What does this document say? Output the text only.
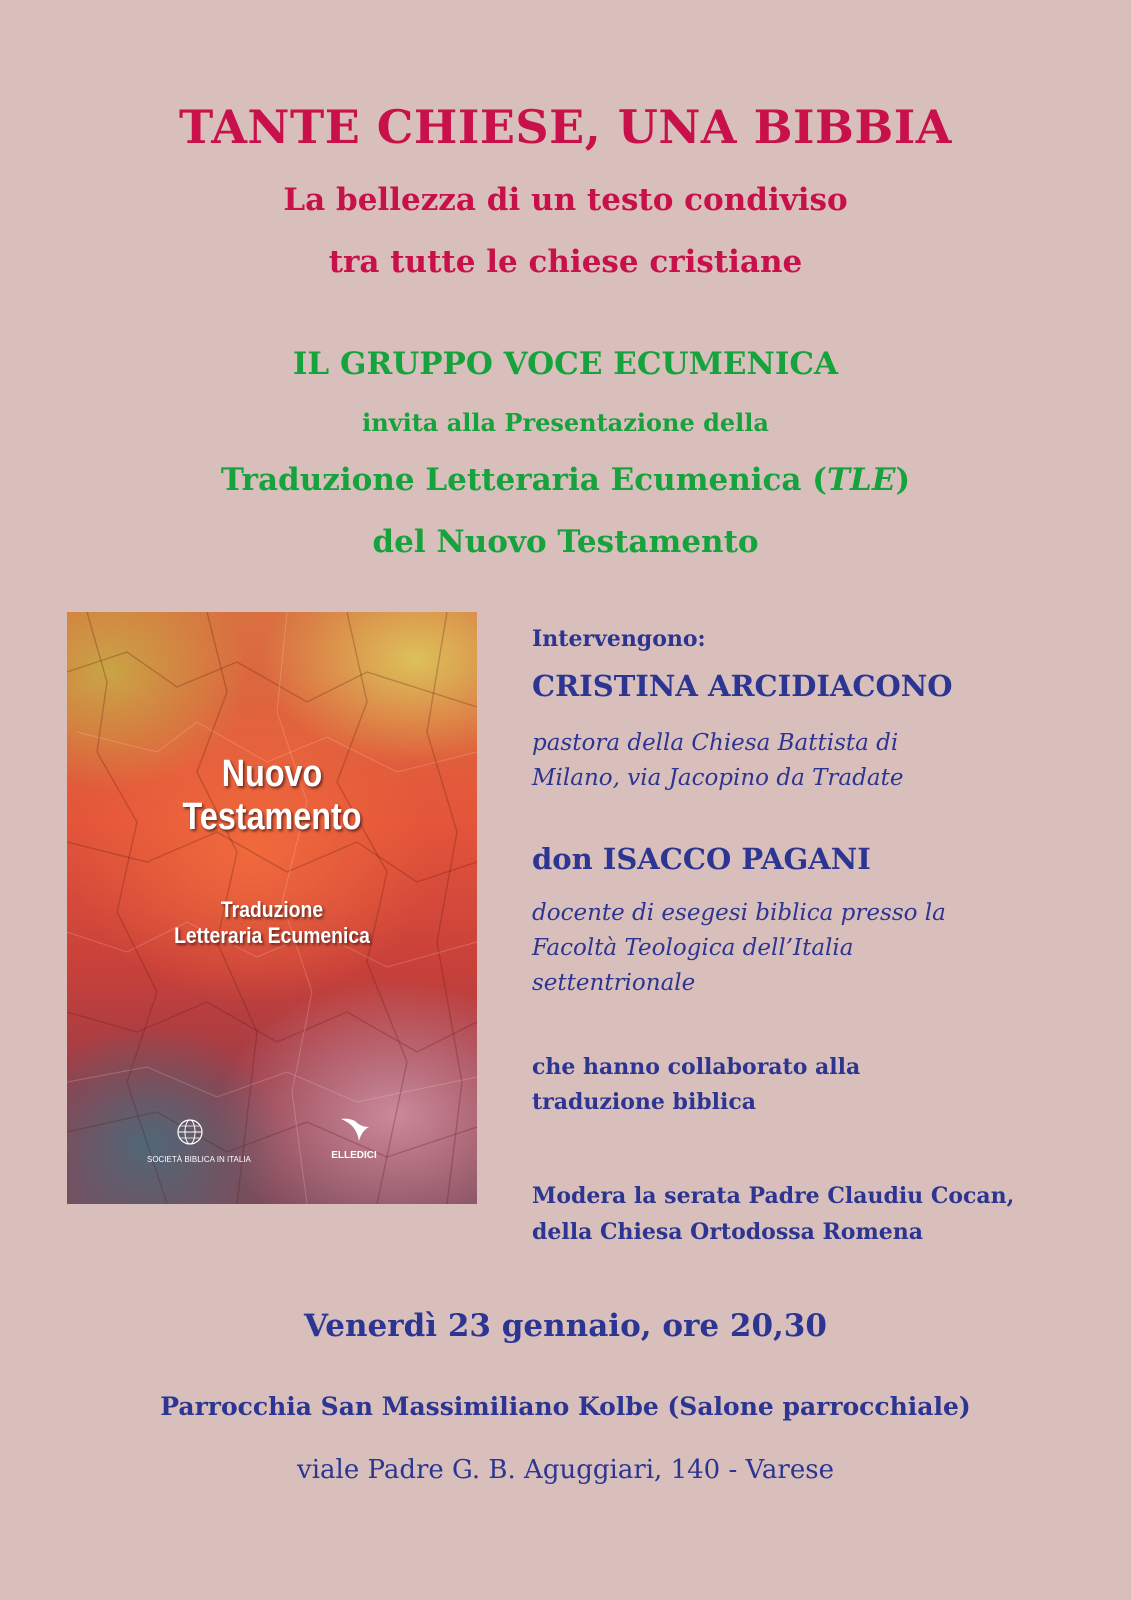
TANTE CHIESE, UNA BIBBIA
La bellezza di un testo condiviso
tra tutte le chiese cristiane
IL GRUPPO VOCE ECUMENICA
invita alla Presentazione della
Traduzione Letteraria Ecumenica (TLE)
del Nuovo Testamento
Nuovo
Testamento
Traduzione
Letteraria Ecumenica
SOCIETÀ BIBLICA IN ITALIA	ELLEDICI
Intervengono:
CRISTINA ARCIDIACONO
pastora della Chiesa Battista di
Milano, via Jacopino da Tradate
don ISACCO PAGANI
docente di esegesi biblica presso la
Facoltà Teologica dell’Italia
settentrionale
che hanno collaborato alla
traduzione biblica
Modera la serata Padre Claudiu Cocan,
della Chiesa Ortodossa Romena
Venerdì 23 gennaio, ore 20,30
Parrocchia San Massimiliano Kolbe (Salone parrocchiale)
viale Padre G. B. Aguggiari, 140 - Varese
